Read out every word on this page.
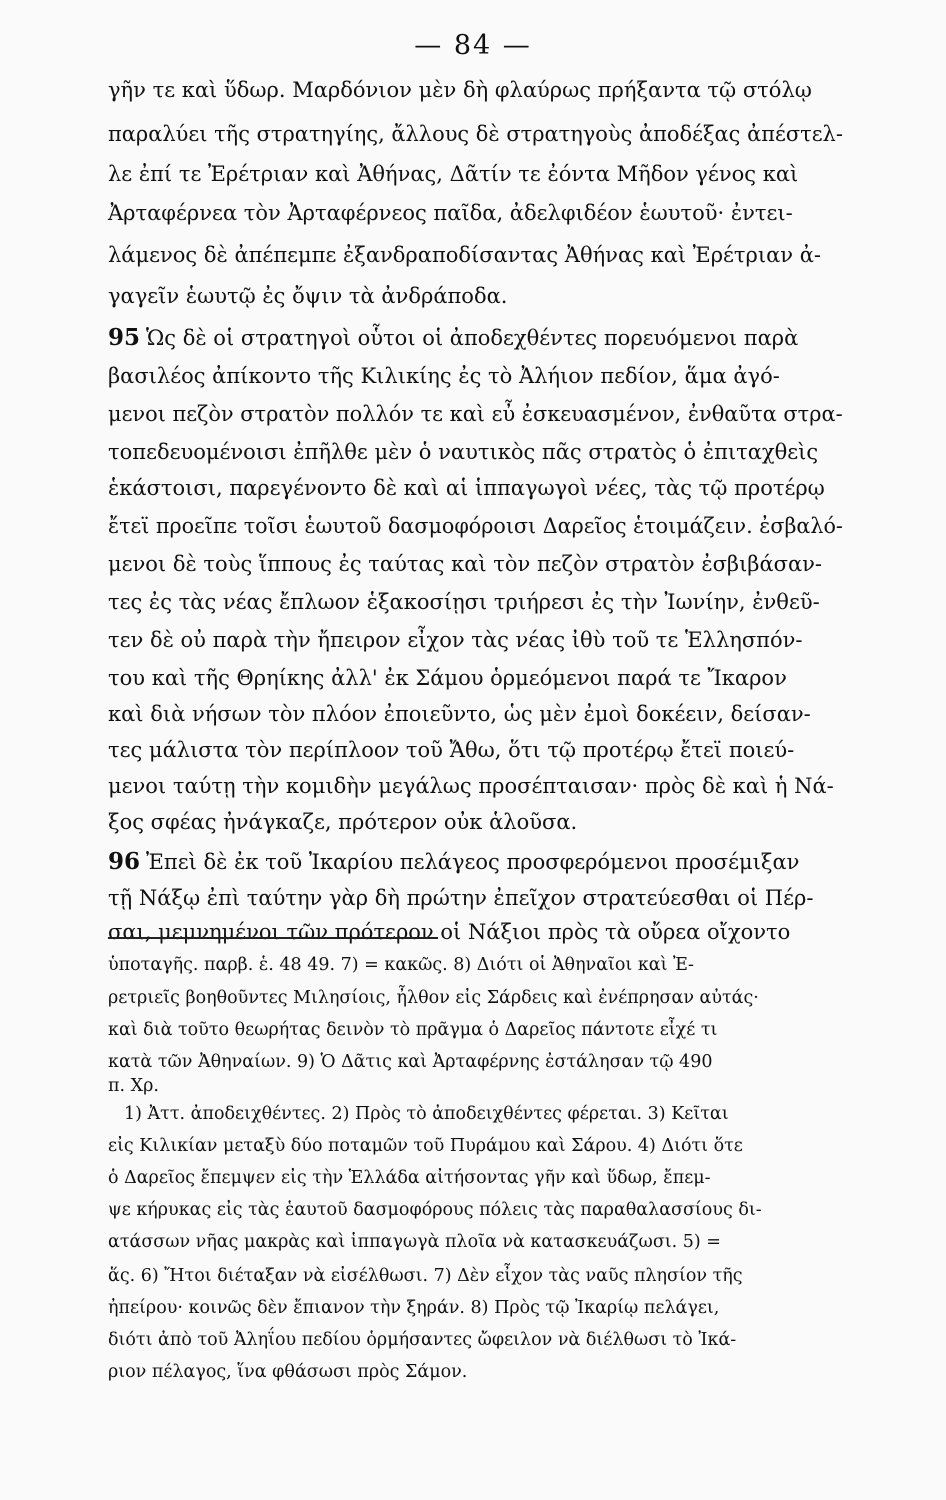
— 84 —
γῆν τε καὶ ὕδωρ. Μαρδόνιον μὲν δὴ φλαύρως πρήξαντα τῷ στόλῳ
παραλύει τῆς στρατηγίης, ἄλλους δὲ στρατηγοὺς ἀποδέξας ἀπέστελ-
λε ἐπί τε Ἐρέτριαν καὶ Ἀθήνας, Δᾶτίν τε ἐόντα Μῆδον γένος καὶ
Ἀρταφέρνεα τὸν Ἀρταφέρνεος παῖδα, ἀδελφιδέον ἑωυτοῦ· ἐντει-
λάμενος δὲ ἀπέπεμπε ἐξανδραποδίσαντας Ἀθήνας καὶ Ἐρέτριαν ἀ-
γαγεῖν ἑωυτῷ ἐς ὄψιν τὰ ἀνδράποδα.
95 Ὡς δὲ οἱ στρατηγοὶ οὗτοι οἱ ἀποδεχθέντες πορευόμενοι παρὰ
βασιλέος ἀπίκοντο τῆς Κιλικίης ἐς τὸ Ἀλήιον πεδίον, ἅμα ἀγό-
μενοι πεζὸν στρατὸν πολλόν τε καὶ εὖ ἐσκευασμένον, ἐνθαῦτα στρα-
τοπεδευομένοισι ἐπῆλθε μὲν ὁ ναυτικὸς πᾶς στρατὸς ὁ ἐπιταχθεὶς
ἑκάστοισι, παρεγένοντο δὲ καὶ αἱ ἱππαγωγοὶ νέες, τὰς τῷ προτέρῳ
ἔτεϊ προεῖπε τοῖσι ἑωυτοῦ δασμοφόροισι Δαρεῖος ἑτοιμάζειν. ἐσβαλό-
μενοι δὲ τοὺς ἵππους ἐς ταύτας καὶ τὸν πεζὸν στρατὸν ἐσβιβάσαν-
τες ἐς τὰς νέας ἔπλωον ἑξακοσίῃσι τριήρεσι ἐς τὴν Ἰωνίην, ἐνθεῦ-
τεν δὲ οὐ παρὰ τὴν ἤπειρον εἶχον τὰς νέας ἰθὺ τοῦ τε Ἑλλησπόν-
του καὶ τῆς Θρηίκης ἀλλ' ἐκ Σάμου ὁρμεόμενοι παρά τε Ἴκαρον
καὶ διὰ νήσων τὸν πλόον ἐποιεῦντο, ὡς μὲν ἐμοὶ δοκέειν, δείσαν-
τες μάλιστα τὸν περίπλοον τοῦ Ἄθω, ὅτι τῷ προτέρῳ ἔτεϊ ποιεύ-
μενοι ταύτῃ τὴν κομιδὴν μεγάλως προσέπταισαν· πρὸς δὲ καὶ ἡ Νά-
ξος σφέας ἠνάγκαζε, πρότερον οὐκ ἁλοῦσα.
96 Ἐπεὶ δὲ ἐκ τοῦ Ἰκαρίου πελάγεος προσφερόμενοι προσέμιξαν
τῇ Νάξῳ ἐπὶ ταύτην γὰρ δὴ πρώτην ἐπεῖχον στρατεύεσθαι οἱ Πέρ-
σαι, μεμνημένοι τῶν πρότερον οἱ Νάξιοι πρὸς τὰ οὔρεα οἴχοντο
ὑποταγῆς. παρβ. ἑ. 48 49. 7) = κακῶς. 8) Διότι οἱ Ἀθηναῖοι καὶ Ἐ-
ρετριεῖς βοηθοῦντες Μιλησίοις, ἦλθον εἰς Σάρδεις καὶ ἐνέπρησαν αὐτάς·
καὶ διὰ τοῦτο θεωρήτας δεινὸν τὸ πρᾶγμα ὁ Δαρεῖος πάντοτε εἶχέ τι
κατὰ τῶν Ἀθηναίων. 9) Ὁ Δᾶτις καὶ Ἀρταφέρνης ἐστάλησαν τῷ 490
π. Χρ.
1) Ἀττ. ἀποδειχθέντες. 2) Πρὸς τὸ ἀποδειχθέντες φέρεται. 3) Κεῖται
εἰς Κιλικίαν μεταξὺ δύο ποταμῶν τοῦ Πυράμου καὶ Σάρου. 4) Διότι ὅτε
ὁ Δαρεῖος ἔπεμψεν εἰς τὴν Ἑλλάδα αἰτήσοντας γῆν καὶ ὕδωρ, ἔπεμ-
ψε κήρυκας εἰς τὰς ἑαυτοῦ δασμοφόρους πόλεις τὰς παραθαλασσίους δι-
ατάσσων νῆας μακρὰς καὶ ἱππαγωγὰ πλοῖα νὰ κατασκευάζωσι. 5) =
ἅς. 6) Ἤτοι διέταξαν νὰ εἰσέλθωσι. 7) Δὲν εἶχον τὰς ναῦς πλησίον τῆς
ἠπείρου· κοινῶς δὲν ἔπιανον τὴν ξηράν. 8) Πρὸς τῷ Ἰκαρίῳ πελάγει,
διότι ἀπὸ τοῦ Ἀληΐου πεδίου ὁρμήσαντες ὤφειλον νὰ διέλθωσι τὸ Ἰκά-
ριον πέλαγος, ἵνα φθάσωσι πρὸς Σάμον.
